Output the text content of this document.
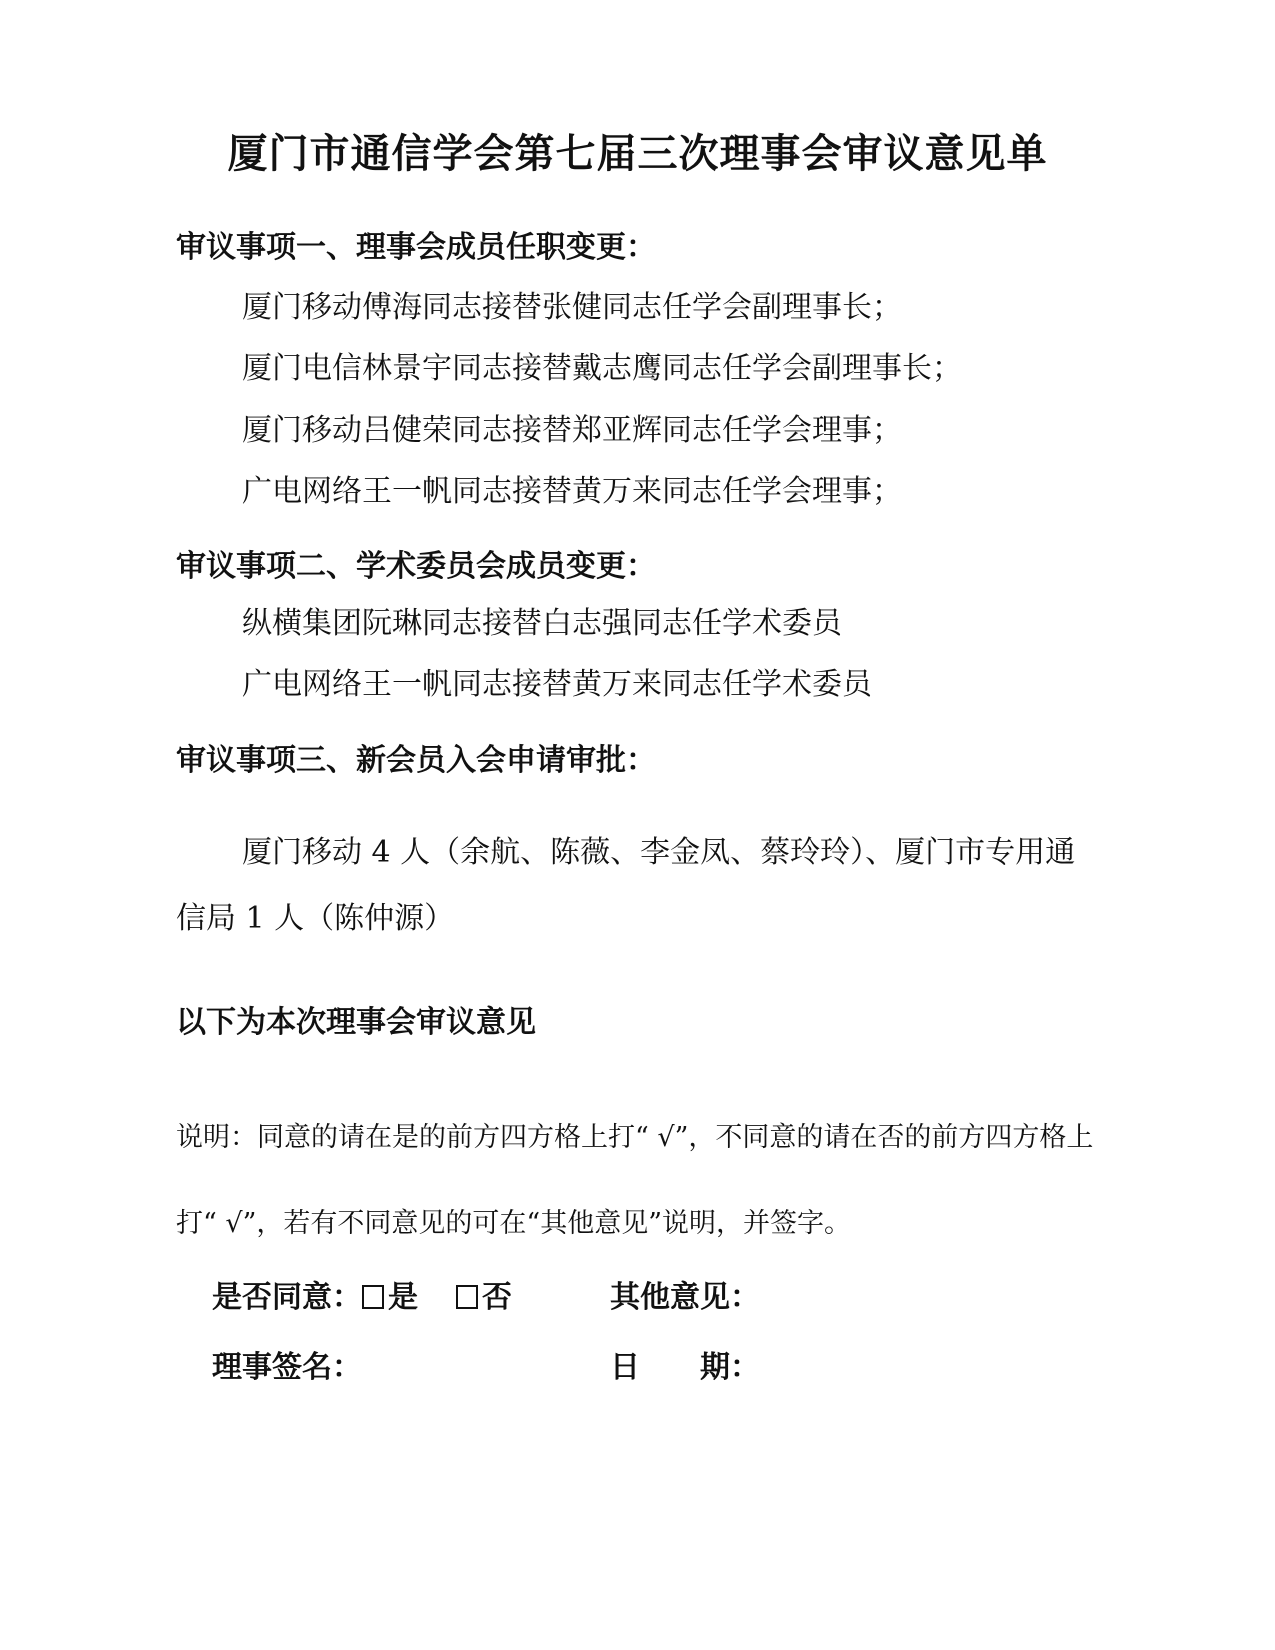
厦门市通信学会第七届三次理事会审议意见单
审议事项一、理事会成员任职变更：
厦门移动傅海同志接替张健同志任学会副理事长；
厦门电信林景宇同志接替戴志鹰同志任学会副理事长；
厦门移动吕健荣同志接替郑亚辉同志任学会理事；
广电网络王一帆同志接替黄万来同志任学会理事；
审议事项二、学术委员会成员变更：
纵横集团阮琳同志接替白志强同志任学术委员
广电网络王一帆同志接替黄万来同志任学术委员
审议事项三、新会员入会申请审批：
厦门移动 4 人（余航、陈薇、李金凤、蔡玲玲）、厦门市专用通信局 1 人（陈仲源）
以下为本次理事会审议意见
说明：同意的请在是的前方四方格上打“ √”，不同意的请在否的前方四方格上打“ √”，若有不同意见的可在“其他意见”说明，并签字。
是否同意： 是 否	其他意见：
理事签名：	日　　期：
